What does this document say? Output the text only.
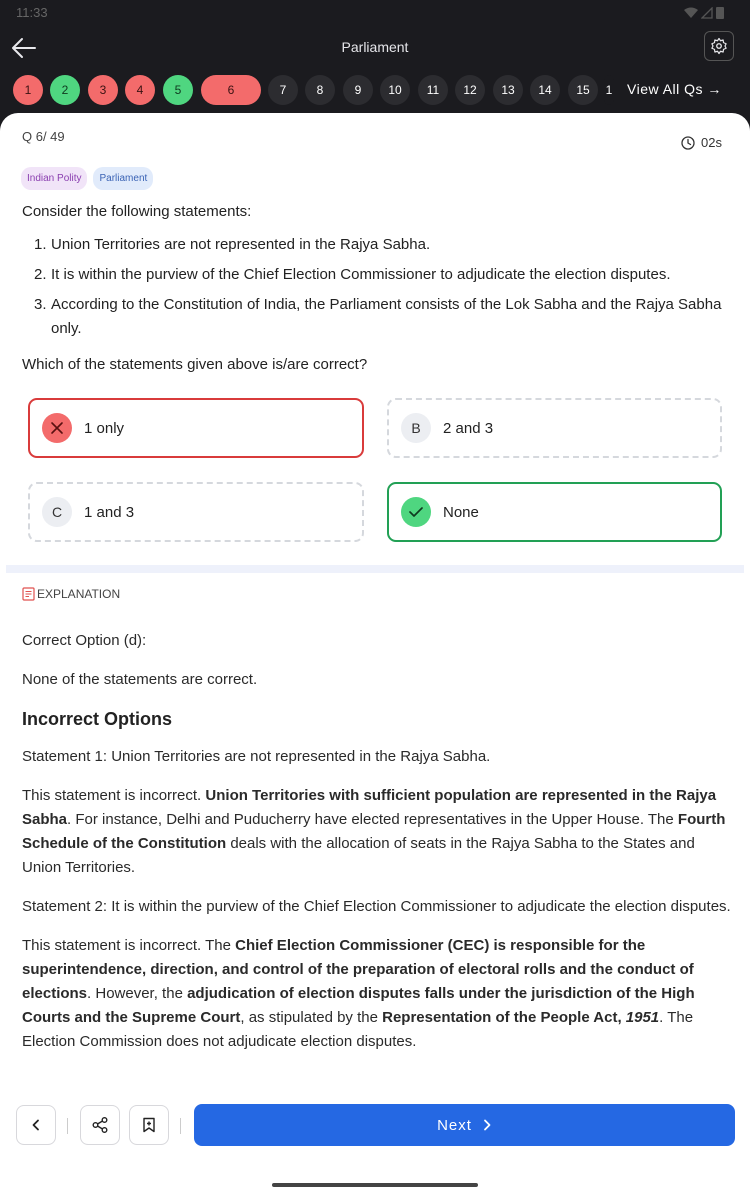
11:33
Parliament
1	2	3	4	5	6	7	8	9	10	11	12	13	14	15	1 View All Qs →
Q 6/ 49	02s
Indian Polity	Parliament
Consider the following statements:
1. Union Territories are not represented in the Rajya Sabha.
2. It is within the purview of the Chief Election Commissioner to adjudicate the election disputes.
3. According to the Constitution of India, the Parliament consists of the Lok Sabha and the Rajya Sabha only.
Which of the statements given above is/are correct?
1 only	B	2 and 3
C	1 and 3	None
EXPLANATION

Correct Option (d):

None of the statements are correct.

Incorrect Options

Statement 1: Union Territories are not represented in the Rajya Sabha.

This statement is incorrect. Union Territories with sufficient population are represented in the Rajya Sabha. For instance, Delhi and Puducherry have elected representatives in the Upper House. The Fourth Schedule of the Constitution deals with the allocation of seats in the Rajya Sabha to the States and Union Territories.

Statement 2: It is within the purview of the Chief Election Commissioner to adjudicate the election disputes.

This statement is incorrect. The Chief Election Commissioner (CEC) is responsible for the superintendence, direction, and control of the preparation of electoral rolls and the conduct of elections. However, the adjudication of election disputes falls under the jurisdiction of the High Courts and the Supreme Court, as stipulated by the Representation of the People Act, 1951. The Election Commission does not adjudicate election disputes.

Next
